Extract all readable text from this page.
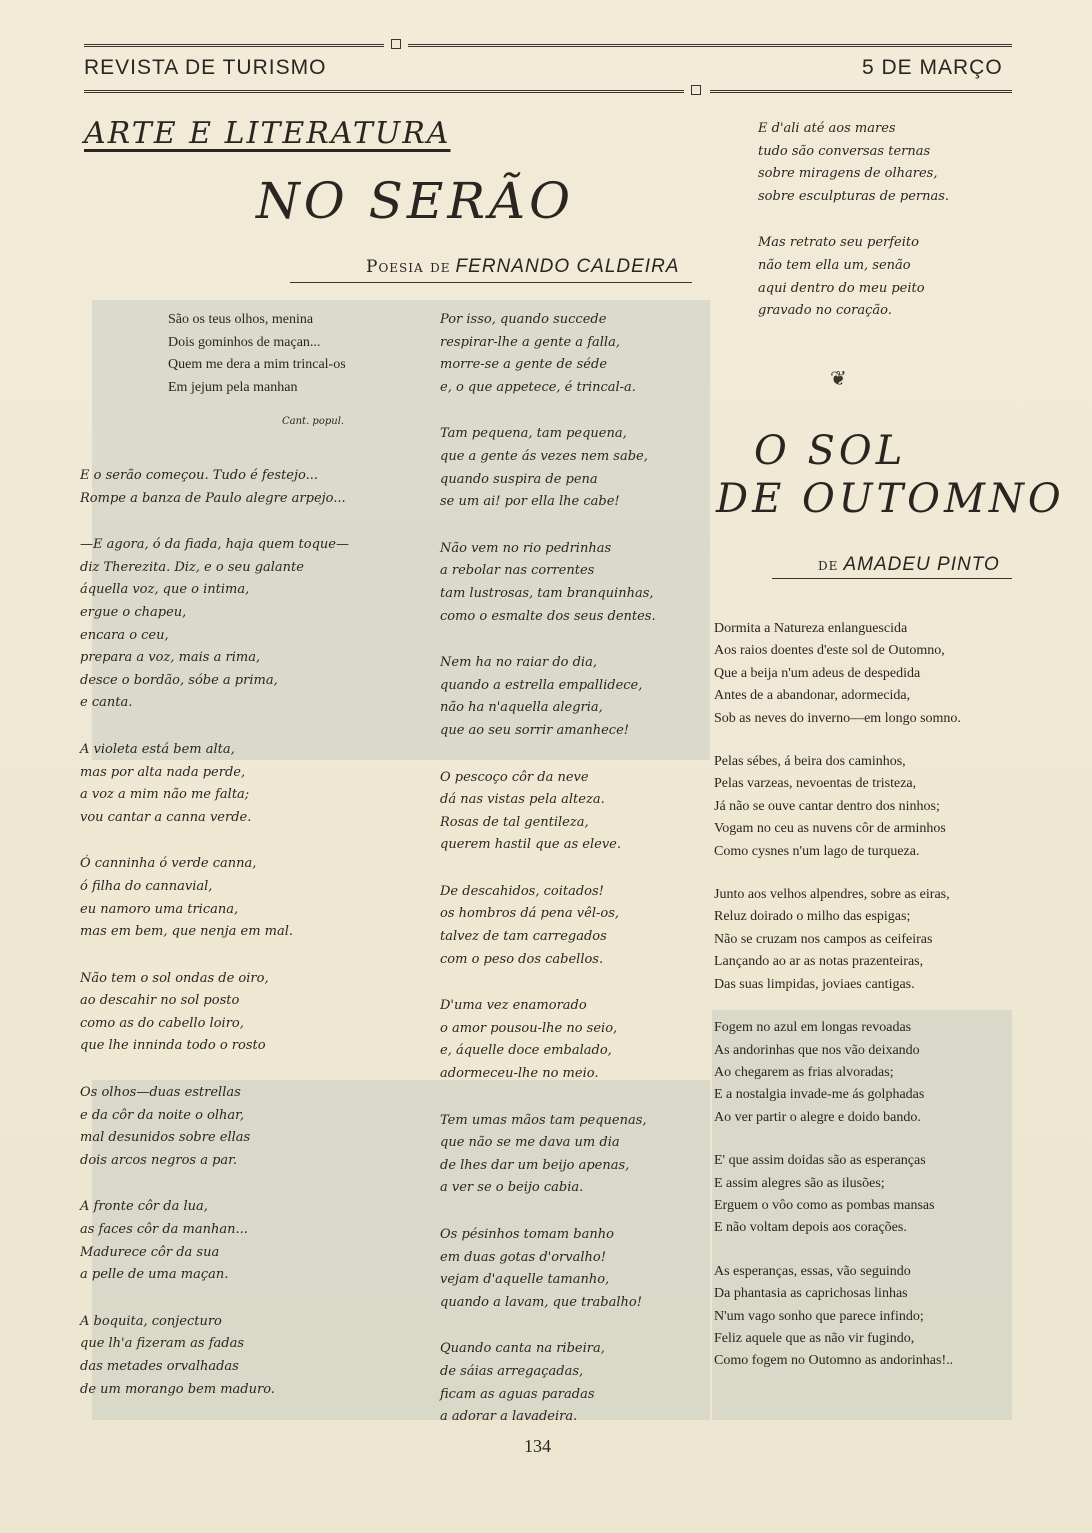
REVISTA DE TURISMO	5 DE MARÇO
ARTE E LITERATURA
NO SERÃO
Poesia de FERNANDO CALDEIRA
São os teus olhos, menina
Dois gominhos de maçan...
Quem me dera a mim trincal-os
Em jejum pela manhan
Cant. popul.
E o serão começou. Tudo é festejo...
Rompe a banza de Paulo alegre arpejo...
—E agora, ó da fiada, haja quem toque—
diz Therezita. Diz, e o seu galante
áquella voz, que o intima,
ergue o chapeu,
encara o ceu,
prepara a voz, mais a rima,
desce o bordão, sóbe a prima,
e canta.
A violeta está bem alta,
mas por alta nada perde,
a voz a mim não me falta;
vou cantar a canna verde.
Ó canninha ó verde canna,
ó filha do cannavial,
eu namoro uma tricana,
mas em bem, que nenja em mal.
Não tem o sol ondas de oiro,
ao descahir no sol posto
como as do cabello loiro,
que lhe inninda todo o rosto
Os olhos—duas estrellas
e da côr da noite o olhar,
mal desunidos sobre ellas
dois arcos negros a par.
A fronte côr da lua,
as faces côr da manhan...
Madurece côr da sua
a pelle de uma maçan.
A boquita, conjecturo
que lh'a fizeram as fadas
das metades orvalhadas
de um morango bem maduro.
Por isso, quando succede
respirar-lhe a gente a falla,
morre-se a gente de séde
e, o que appetece, é trincal-a.
Tam pequena, tam pequena,
que a gente ás vezes nem sabe,
quando suspira de pena
se um ai! por ella lhe cabe!
Não vem no rio pedrinhas
a rebolar nas correntes
tam lustrosas, tam branquinhas,
como o esmalte dos seus dentes.
Nem ha no raiar do dia,
quando a estrella empallidece,
não ha n'aquella alegria,
que ao seu sorrir amanhece!
O pescoço côr da neve
dá nas vistas pela alteza.
Rosas de tal gentileza,
querem hastil que as eleve.
De descahidos, coitados!
os hombros dá pena vêl-os,
talvez de tam carregados
com o peso dos cabellos.
D'uma vez enamorado
o amor pousou-lhe no seio,
e, áquelle doce embalado,
adormeceu-lhe no meio.
Tem umas mãos tam pequenas,
que não se me dava um dia
de lhes dar um beijo apenas,
a ver se o beijo cabia.
Os pésinhos tomam banho
em duas gotas d'orvalho!
vejam d'aquelle tamanho,
quando a lavam, que trabalho!
Quando canta na ribeira,
de sáias arregaçadas,
ficam as aguas paradas
a adorar a lavadeira.
E d'ali até aos mares
tudo são conversas ternas
sobre miragens de olhares,
sobre esculpturas de pernas.
Mas retrato seu perfeito
não tem ella um, senão
aqui dentro do meu peito
gravado no coração.
❦
O SOL
DE OUTOMNO
de AMADEU PINTO
Dormita a Natureza enlanguescida
Aos raios doentes d'este sol de Outomno,
Que a beija n'um adeus de despedida
Antes de a abandonar, adormecida,
Sob as neves do inverno—em longo somno.
Pelas sébes, á beira dos caminhos,
Pelas varzeas, nevoentas de tristeza,
Já não se ouve cantar dentro dos ninhos;
Vogam no ceu as nuvens côr de arminhos
Como cysnes n'um lago de turqueza.
Junto aos velhos alpendres, sobre as eiras,
Reluz doirado o milho das espigas;
Não se cruzam nos campos as ceifeiras
Lançando ao ar as notas prazenteiras,
Das suas limpidas, joviaes cantigas.
Fogem no azul em longas revoadas
As andorinhas que nos vão deixando
Ao chegarem as frias alvoradas;
E a nostalgia invade-me ás golphadas
Ao ver partir o alegre e doido bando.
E' que assim doidas são as esperanças
E assim alegres são as ilusões;
Erguem o vôo como as pombas mansas
E não voltam depois aos corações.
As esperanças, essas, vão seguindo
Da phantasia as caprichosas linhas
N'um vago sonho que parece infindo;
Feliz aquele que as não vir fugindo,
Como fogem no Outomno as andorinhas!..
134
